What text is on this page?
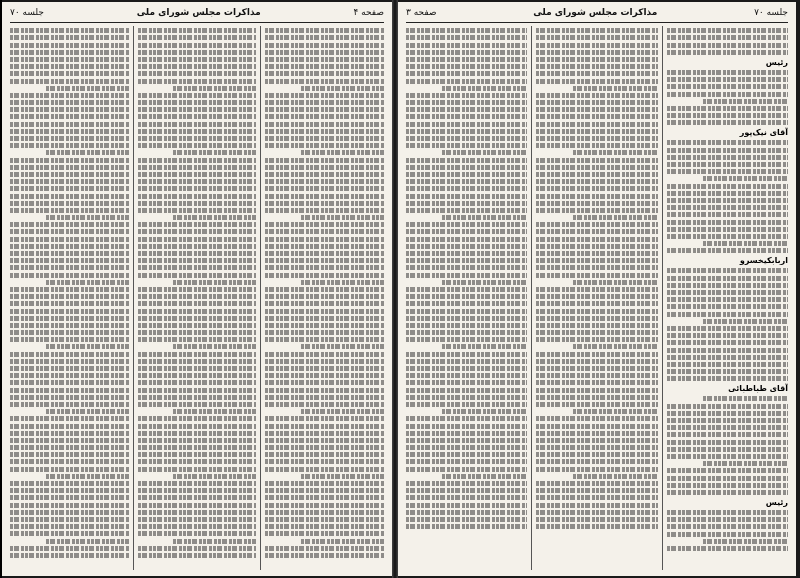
صفحه ۴
مذاکرات مجلس شورای ملی
جلسه ۷۰	جلسه ۷۰
مذاکرات مجلس شورای ملی
صفحه ۳
رئیس
آقای نیک‌پور
اربابکیخسرو
آقای طباطبائی
رئیس
